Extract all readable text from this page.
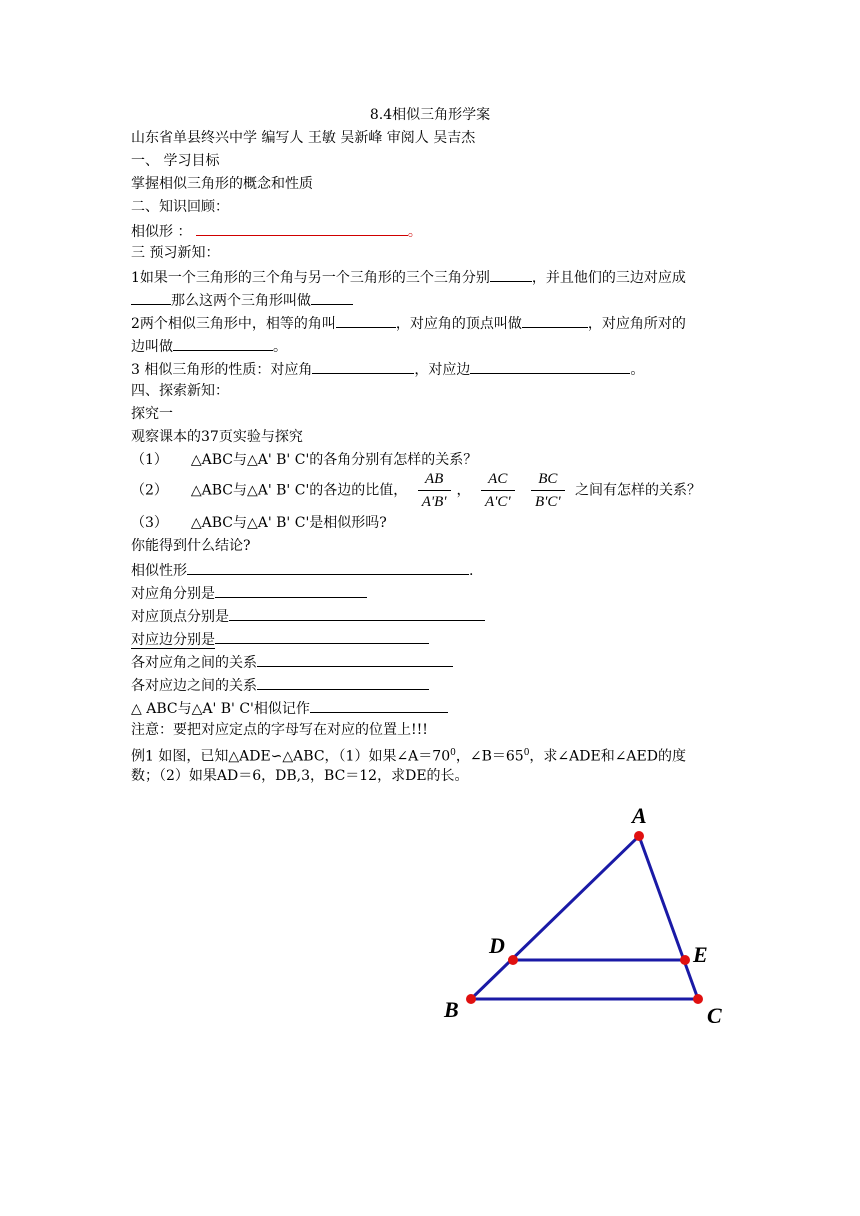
8.4相似三角形学案
山东省单县终兴中学 编写人 王敏 吴新峰 审阅人 吴吉杰
一、 学习目标
掌握相似三角形的概念和性质
二、知识回顾：
相似形 ：	。
三 预习新知：
1如果一个三角形的三个角与另一个三角形的三个三角分别	，并且他们的三边对应成
那么这两个三角形叫做
2两个相似三角形中，相等的角叫	，对应角的顶点叫做	，对应角所对的
边叫做	。
3 相似三角形的性质：对应角	，对应边	。
四、探索新知：
探究一
观察课本的37页实验与探究
（1） △ABC与△A' B' C'的各角分别有怎样的关系？
（2） △ABC与△A' B' C'的各边的比值， $\frac{AB}{A'B'}$ ， $\frac{AC}{A'C'}$
$\frac{BC}{B'C'}$ 之间有怎样的关系？
（3） △ABC与△A' B' C'是相似形吗?
你能得到什么结论?
相似性形	.
对应角分别是
对应顶点分别是
对应边分别是
各对应角之间的关系
各对应边之间的关系
△ ABC与△A' B' C'相似记作
注意：要把对应定点的字母写在对应的位置上!!!
例1 如图，已知△ADE∽△ABC，（1）如果$\angle A=70^0$，$\angle B=65^0$，求∠ADE和∠AED的度
数；（2）如果AD＝6，DB,3，BC＝12，求DE的长。
A
B	C
D	E
